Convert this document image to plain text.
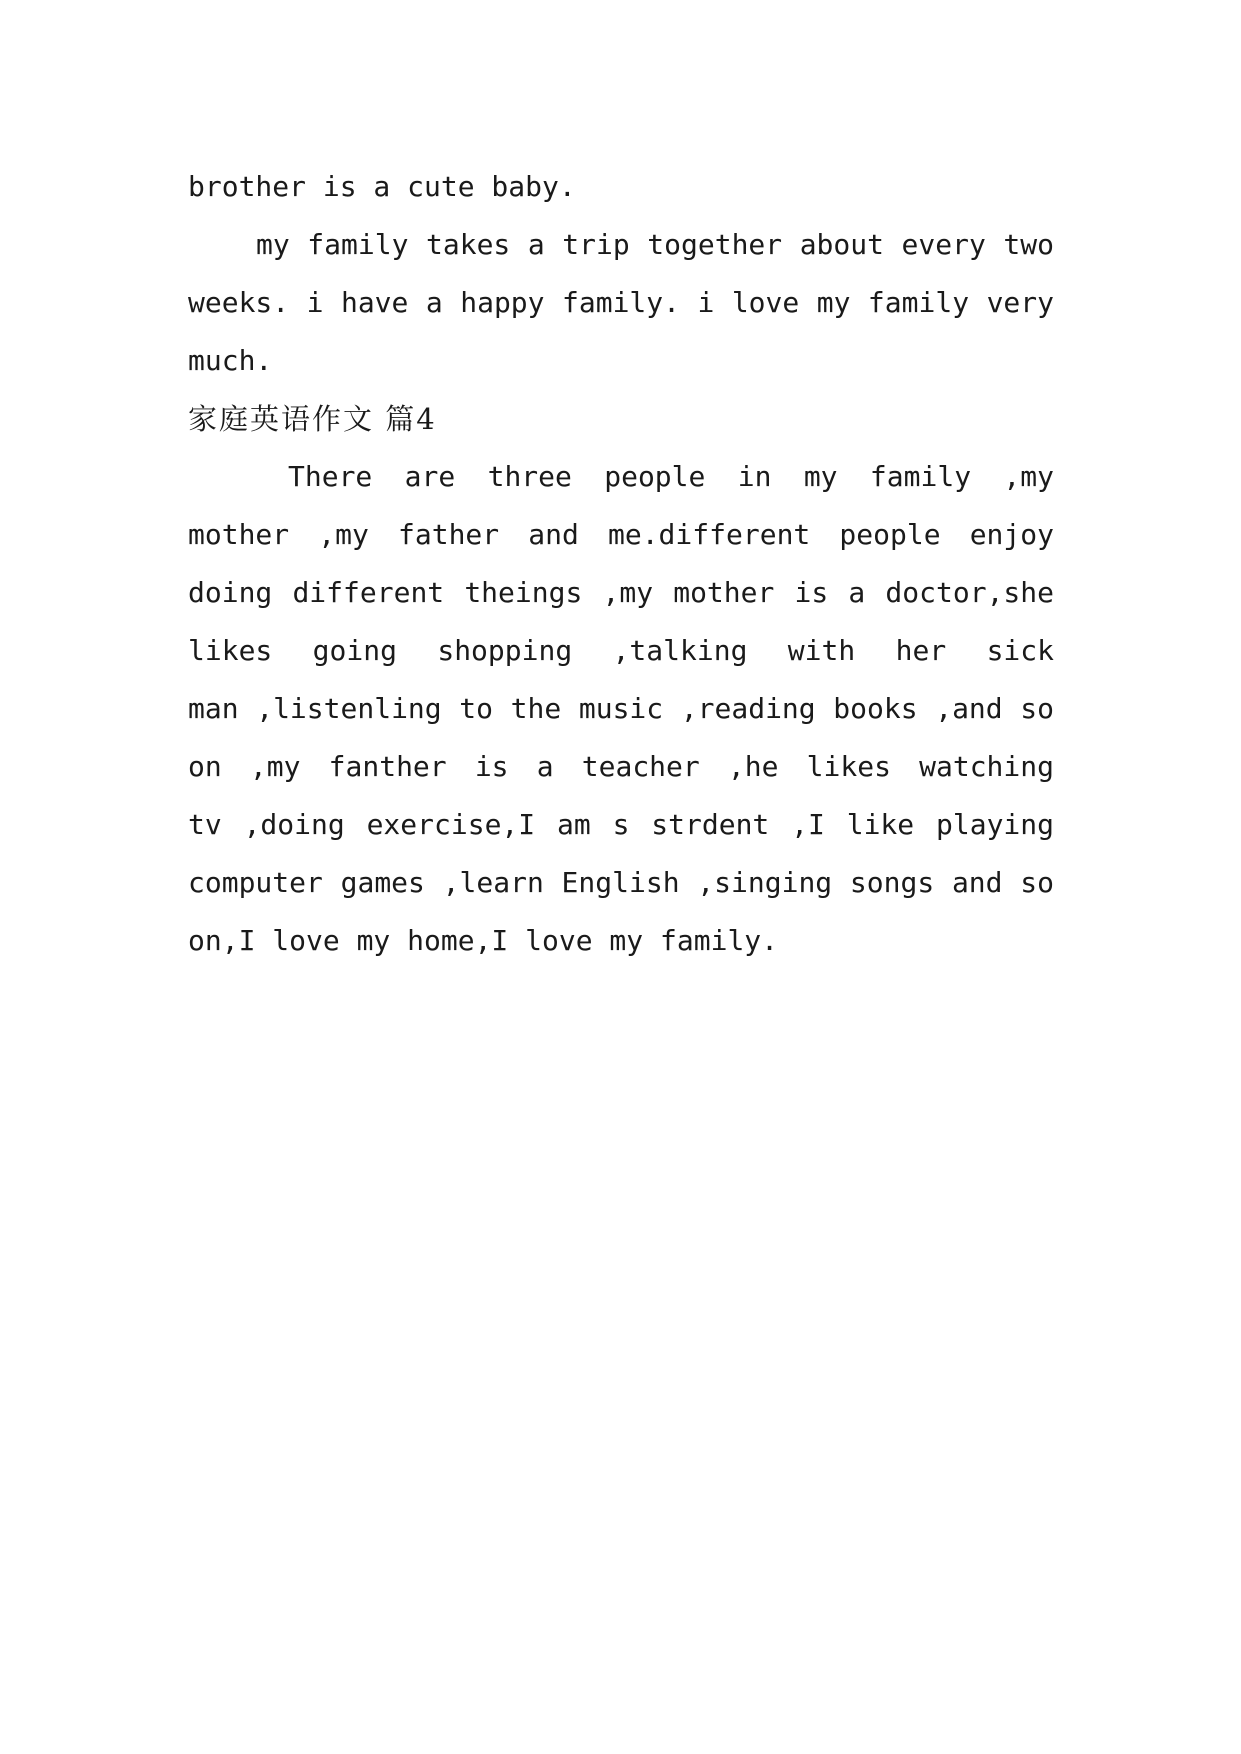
brother is a cute baby.
my family takes a trip together about every two
weeks. i have a happy family. i love my family very
much.
家庭英语作文 篇4
There are three people in my family ,my
mother ,my father and me.different people enjoy
doing different theings ,my mother is a doctor,she
likes going shopping ,talking with her sick
man ,listenling to the music ,reading books ,and so
on ,my fanther is a teacher ,he likes watching
tv ,doing exercise,I am s strdent ,I like playing
computer games ,learn English ,singing songs and so
on,I love my home,I love my family.
